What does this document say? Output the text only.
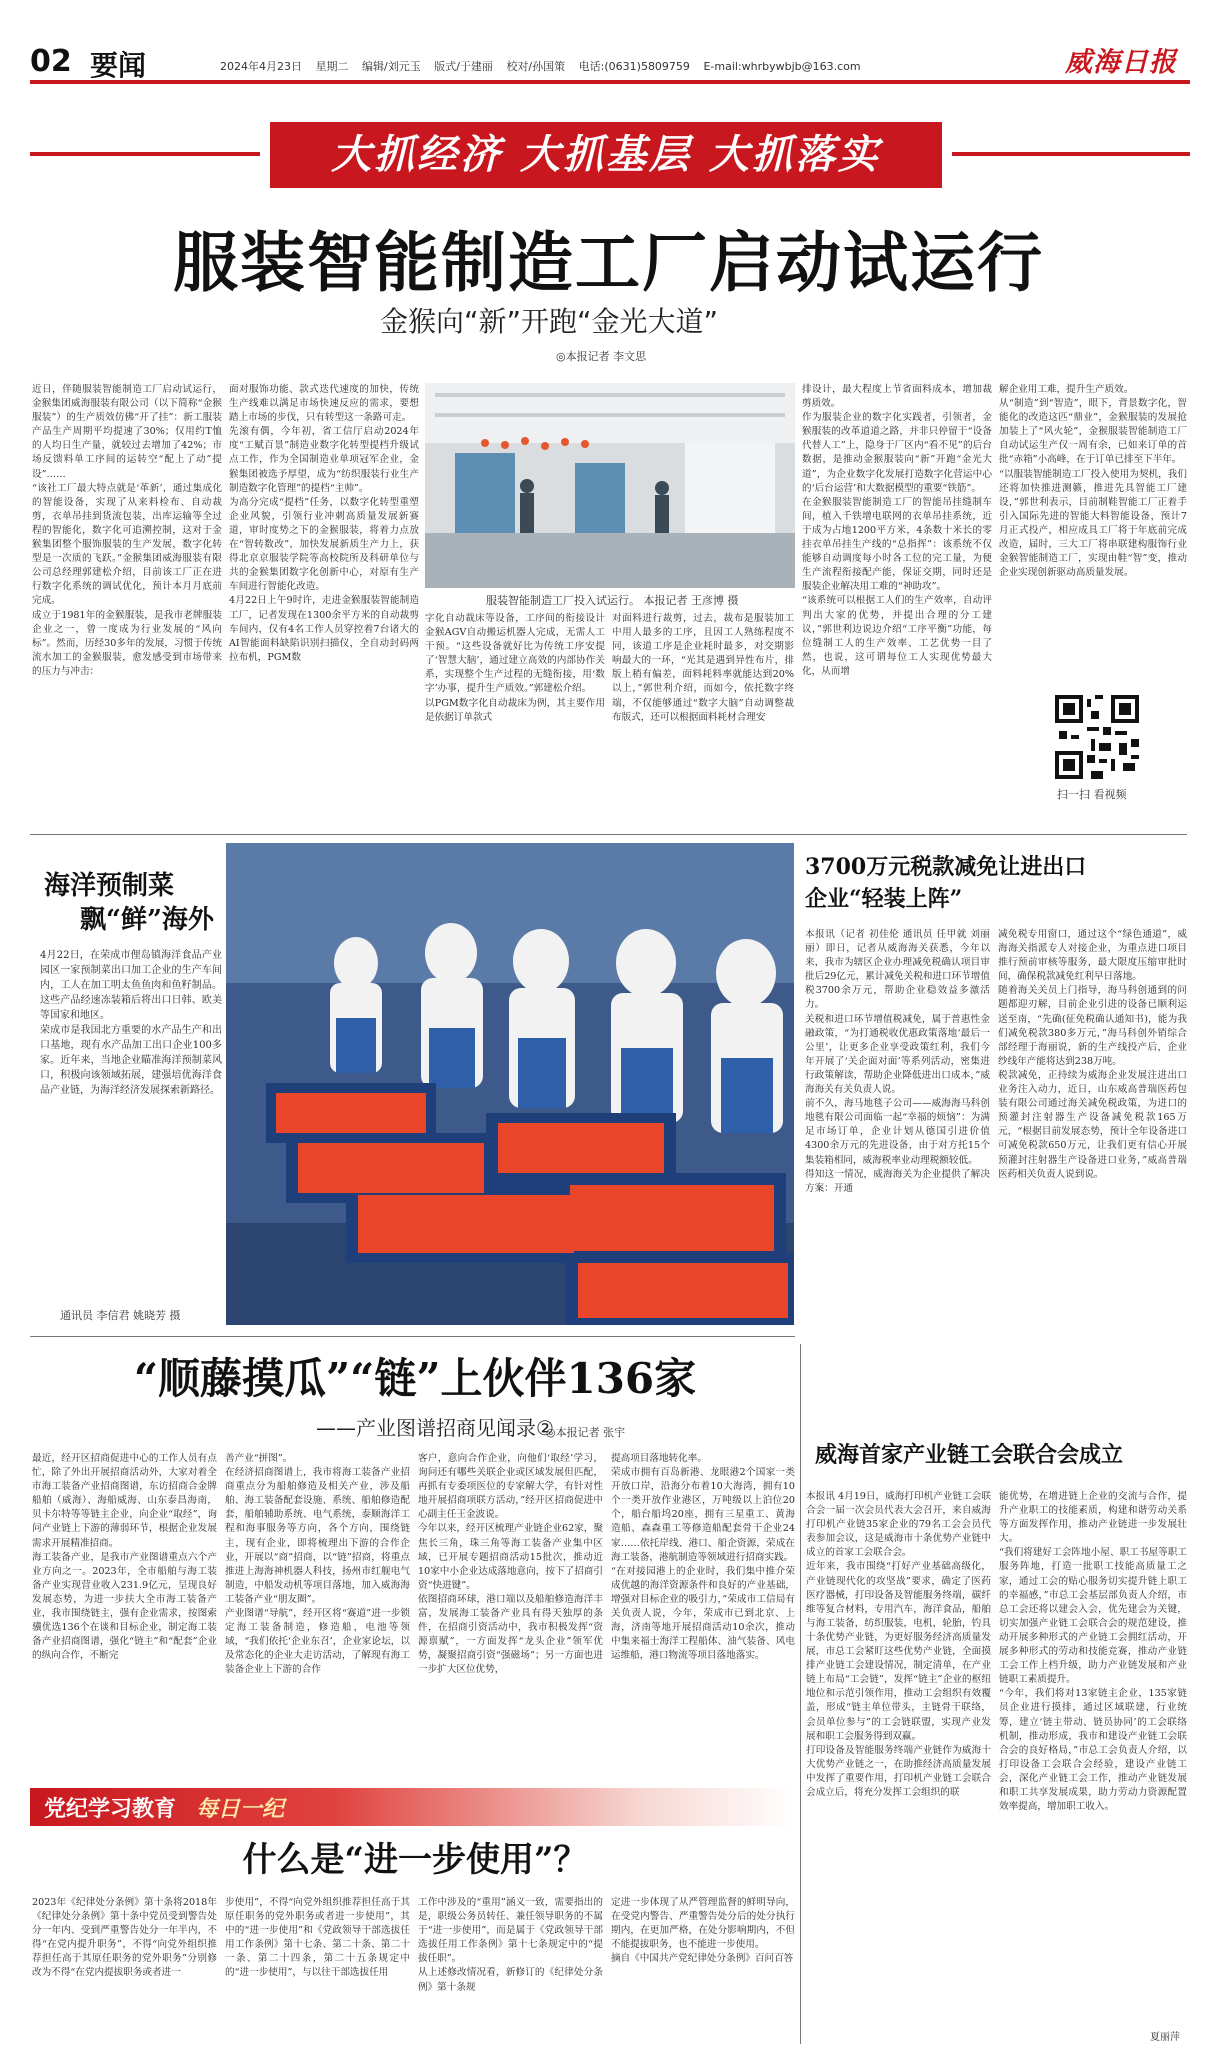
02 要闻	2024年4月23日 星期二 编辑/刘元玉 版式/于建丽 校对/孙国策 电话:(0631)5809759 E-mail:whrbywbjb@163.com	威海日报
大抓经济 大抓基层 大抓落实
服装智能制造工厂启动试运行
金猴向“新”开跑“金光大道”
◎本报记者 李文思
近日，伴随服装智能制造工厂启动试运行，金猴集团威海服装有限公司（以下简称“金猴服装”）的生产质效仿佛“开了挂”：新工服装产品生产周期平均提速了30%；仅用约T恤的人均日生产量，就较过去增加了42%；市场反馈料单工序间的运转空“配上了动”提设”……
“该社工厂最大特点就是‘革新’，通过集成化的智能设备，实现了从来料检布、自动裁剪，衣单吊挂到货流包装，出库运输等全过程的智能化，数字化可追溯控制，这对于金猴集团整个服饰服装的生产发展，数字化转型是一次质的飞跃。”金猴集团威海服装有限公司总经理郭建松介绍，目前该工厂正在进行数字化系统的调试优化，预计本月月底前完成。
成立于1981年的金猴服装，是我市老牌服装企业之一，曾一度成为行业发展的“风向标”。然而，历经30多年的发展，习惯于传统流水加工的金猴服装，愈发感受到市场带来的压力与冲击：
面对服饰功能、款式迭代速度的加快，传统生产线难以满足市场快速反应的需求，要想踏上市场的步伐，只有转型这一条路可走。
先滚有偶，今年初，省工信厅启动2024年度“工赋百景”制造业数字化转型提档升级试点工作，作为全国制造业单项冠军企业，金猴集团被选予厚望，成为“纺织服装行业生产制造数字化管理”的提档“主帅”。
为高分完成“提档”任务，以数字化转型重塑企业风貌，引领行业冲刺高质量发展新赛道，审时度势之下的金猴服装，将着力点放在“智转数改”，加快发展新质生产力上，获得北京京服装学院等高校院所及科研单位与共的金猴集团数字化创新中心，对原有生产车间进行智能化改造。
4月22日上午9时许，走进金猴服装智能制造工厂，记者发现在1300余平方米的自动裁剪车间内，仅有4名工作人员穿控着7台诸大的AI智能面料缺陷识别扫描仪，全自动封码两拉布机，PGM数
服装智能制造工厂投入试运行。 本报记者 王彦博 摄
字化自动裁床等设备，工序间的衔接设计金猴AGV自动搬运机器人完成，无需人工干预。“这些设备就好比为传统工序安提了‘智慧大脑’，通过建立高效的内部协作关系，实现整个生产过程的无缝衔接，用‘数字’办事，提升生产质效。”郭建松介绍。
以PGM数字化自动裁床为例，其主要作用是依据订单款式
对面料进行裁剪，过去，裁布是服装加工中用人最多的工序，且因工人熟练程度不同，该道工序是企业耗时最多，对交期影响最大的一环，“光其是遇到异性布片，排版上稍有偏差，面料耗料率就能达到20%以上，”郭世利介绍，而如今，依托数字终端，不仅能够通过“数字大脑”自动调整裁布版式，还可以根据面料耗材合理安
排设计，最大程度上节省面料成本，增加裁剪质效。
作为服装企业的数字化实践者，引领者，金猴服装的改革道道之路，并非只停留于“设备代替人工”上，隐身于厂区内“看不见”的后台数据，是推动金猴服装向“新”开跑“金光大道”，为企业数字化发展打造数字化营运中心的‘后台运营’和大数据模型的重要“铁筋”。
在金猴服装智能制造工厂的智能吊挂缝制车间，植入千铁增电联网的衣单吊挂系统，近于成为占地1200平方米，4条数十米长的零挂衣单吊挂生产线的“总指挥”：该系统不仅能够自动调度每小时各工位的完工量，为便生产流程衔接配产能，保证交期，同时还是服装企业解决用工难的“神助攻”。
“该系统可以根据工人们的生产效率，自动评判出大家的优势，并提出合理的分工建议，”郭世利边说边介绍“工序平衡”功能，每位缝制工人的生产效率、工艺优势一目了然，也说，这可谓每位工人实现优势最大化，从而增
解企业用工难，提升生产质效。
从“制造”到“智造”，眼下，背景数字化，智能化的改造这匹“鼎业”，金猴服装的发展抢加装上了“风火轮”，金猴服装智能制造工厂自动试运生产仅一周有余，已如来订单的首批“赤箱”小高峰，在于订单已排至下半年。
“以服装智能制造工厂投入使用为契机，我们还将加快推进测籁，推进先具智能工厂建设，”郭世利表示，目前制鞋智能工厂正着手引入国际先进的智能大料智能设备，预计7月正式投产，相应成具工厂将于年底前完成改造，届时，三大工厂将串联建构服饰行业金猴智能制造工厂，实现由鞋“智”变，推动企业实现创新驱动高质量发展。
扫一扫 看视频
海洋预制菜
飘“鲜”海外
4月22日，在荣成市俚岛镇海洋食品产业园区一家预制菜出口加工企业的生产车间内，工人在加工明太鱼鱼肉和鱼籽制品。这些产品经速冻装箱后将出口日韩、欧美等国家和地区。
荣成市是我国北方重要的水产品生产和出口基地，现有水产品加工出口企业100多家。近年来，当地企业瞄准海洋预制菜风口，积极向该领域拓展，建强培优海洋食品产业链，为海洋经济发展探索新路径。
通讯员 李信君 姚晓芳 摄
3700万元税款减免让进出口
企业“轻装上阵”
本报讯（记者 初佳伦 通讯员 任甲就 刘丽丽）即日，记者从威海海关获悉，今年以来，我市为辖区企业办理减免税确认项目审批后29亿元，累计减免关税和进口环节增值税3700余万元，帮助企业稳效益多激活力。
关税和进口环节增值税减免，属于普惠性金融政策，“为打通税收优惠政策落地‘最后一公里’，让更多企业享受政策红利，我们今年开展了‘关企面对面’等系列活动，密集进行政策解读，帮助企业降低进出口成本，”威海海关有关负责人说。
前不久，海马地毯子公司——威海海马科创地毯有限公司面临一起“幸福的烦恼”：为满足市场订单，企业计划从德国引进价值4300余万元的先进设备，由于对方托15个集装箱相同，威海税率业动理税额较低。
得知这一情况，威海海关为企业提供了解决方案：开通
减免税专用窗口，通过这个“绿色通道”，威海海关指派专人对接企业，为重点进口项目推行预前审核等服务，最大限度压缩审批时间，确保税款减免红利早日落地。
随着海关关员上门指导，海马科创通到的问题都迎刃解，目前企业引进的设备已顺利运送至南，“先确(征免税确认通知书)，能为我们减免税款380多万元，”海马科创外销综合部经理于海丽说，新的生产线投产后，企业纱线年产能将达到238万吨。
税款减免，正持续为威海企业发展注进出口业务注入动力，近日，山东威高普瑞医药包装有限公司通过海关减免税政策，为进口的预灌封注射器生产设备减免税款165万元，“根据目前发展态势，预计全年设备进口可减免税款650万元，让我们更有信心开展预灌封注射器生产设备进口业务，”威高普瑞医药相关负责人说到说。
“顺藤摸瓜”“链”上伙伴136家
——产业图谱招商见闻录②
◎本报记者 张宇
最近，经开区招商促进中心的工作人员有点忙，除了外出开展招商活动外，大家对着全市海工装备产业招商图谱，东访招商合金牌船舶（威海）、海船威海、山东泰昌海南，贝卡尔特等等链主企业，向企业“取经”，询问产业链上下游的薄弱环节，根据企业发展需求开展精准招商。
海工装备产业，是我市产业图谱重点六个产业方向之一。2023年，全市船舶与海工装备产业实现营业收入231.9亿元，呈现良好发展态势，为进一步扶大全市海工装备产业，我市围绕链主，强有企业需求，按图索骥优选136个在谈和目标企业，制定海工装备产业招商图谱，强化“链主”和“配套”企业的纵向合作，不断完
善产业“拼图”。
在经济招商图谱上，我市将海工装备产业招商重点分为船舶修造及相关产业，涉及船舶、海工装备配套设施、系统、船舶修造配套，船舶辅助系统、电气系统，泰顺海洋工程和海事服务等方向，各个方向，围绕链主，现有企业，即将梳理出下游的合作企业，开展以“商”招商，以“链”招商，将重点推进上海海神机器人科技，扬州市红舰电气制造，中船发动机等项目落地，加入威海海工装备产业“朋友圈”。
产业图谱“导航”，经开区将“赛道”进一步锁定海工装备制造，修造船，电池等领域，“我们依托‘企业东召’，企业家论坛，以及常态化的企业大走访活动，了解现有海工装备企业上下游的合作
客户，意向合作企业，向他们‘取经’学习，询问还有哪些关联企业或区域发展但匹配，再抓有专委项医位的专家解大学，有针对性地开展招商项联方活动，”经开区招商促进中心副主任王金波说。
今年以来，经开区梳理产业链企业62家，聚焦长三角，珠三角等海工装备产业集中区域，已开展专题招商活动15批次，推动近10家中小企业达成落地意向，按下了招商引资“快进键”。
依图招商环球，港口端以及船舶修造海洋丰富，发展海工装备产业具有得天独厚的条件，在招商引资活动中，我市积极发挥“资源禀赋”，一方面发挥“龙头企业”领军优势，凝聚招商引资“强磁场”；另一方面也进一步扩大区位优势，
提高项目落地转化率。
荣成市拥有百岛新港、龙眼港2个国家一类开放口岸，沿海分布着10大海湾，拥有10个一类开放作业港区，万吨级以上泊位20个，船台船坞20座，拥有三星重工、黄海造船、森森重工等修造船配套骨干企业24家……依托岸线、港口、船企资源，荣成在海工装备，港航制造等领域进行招商实践。
“在对接园港上的企业时，我们集中推介荣成优越的海洋资源条件和良好的产业基础，增强对目标企业的吸引力，”荣成市工信局有关负责人说，今年，荣成市已到北京、上海，济南等地开展招商活动10余次，推动中集来福士海洋工程船体、油气装备、风电运维船，港口物流等项目落地落实。
威海首家产业链工会联合会成立
本报讯 4月19日，威海打印机产业链工会联合会一届一次会员代表大会召开，来自威海打印机产业链35家企业的79名工会会员代表参加会议，这是威海市十条优势产业链中成立的首家工会联合会。
近年来，我市围绕“打好产业基础高级化，产业链现代化的攻坚战”要求，确定了医药医疗器械，打印设备及智能服务终端，碳纤维等复合材料，专用汽车，海洋食品，船舶与海工装备，纺织服装，电机，轮胎，钓具十条优势产业链，为更好服务经济高质量发展，市总工会紧盯这些优势产业链，全面摸排产业链工会建设情况，制定清单，在产业链上布局“工会链”，发挥“链主”企业的枢纽地位和示范引领作用，推动工会组织有效覆盖，形成“链主单位带头，主链骨干联络，会员单位参与”的工会链联盟，实现产业发展和职工会服务得到双赢。
打印设备及智能服务终端产业链作为威海十大优势产业链之一，在助推经济高质量发展中发挥了重要作用，打印机产业链工会联合会成立后，将充分发挥工会组织的联
能优势，在增进链上企业的交流与合作，提升产业职工的技能素质，构建和谐劳动关系等方面发挥作用，推动产业链进一步发展壮大。
“我们将建好工会阵地小屋、职工书屋等职工服务阵地，打造一批职工技能高质量工之家，通过工会的贴心服务切实提升链上职工的幸福感，”市总工会基层部负责人介绍，市总工会还将以建会入会，优先建会为关键，切实加强产业链工会联合会的规范建设，推动开展多种形式的产业链工会拥红活动，开展多种形式的劳动和技能竞赛，推动产业链工会工作上档升级，助力产业链发展和产业链职工素质提升。
“今年，我们将对13家链主企业，135家链员企业进行摸排，通过区域联建，行业统筹，建立‘链主带动、链员协同’的工会联络机制，推动形成，我市和建设产业链工会联合会的良好格局，”市总工会负责人介绍，以打印设备工会联合会经验，建设产业链工会，深化产业链工会工作，推动产业链发展和职工共享发展成果，助力劳动力资源配置效率提高，增加职工收入。
夏丽萍
党纪学习教育 每日一纪
什么是“进一步使用”？
2023年《纪律处分条例》第十条将2018年《纪律处分条例》第十条中党员受到警告处分一年内、受到严重警告处分一年半内，不得“在党内提升职务”，不得“向党外组织推荐担任高于其原任职务的党外职务”分别修改为不得“在党内提拔职务或者进一
步使用”，不得“向党外组织推荐担任高于其原任职务的党外职务或者进一步使用”，其中的“进一步使用”和《党政领导干部选拔任用工作条例》第十七条、第二十条、第二十一条、第二十四条，第二十五条规定中的“进一步使用”，与以往干部选拔任用
工作中涉及的“重用”涵义一致，需要指出的是，职级公务员转任、兼任领导职务的不属于“进一步使用”，而是属于《党政领导干部选拔任用工作条例》第十七条规定中的“提拔任职”。
从上述修改情况看，新修订的《纪律处分条例》第十条规
定进一步体现了从严管理监督的鲜明导向，在受党内警告、严重警告处分后的处分执行期内，在更加严格，在处分影响期内，不但不能提拔职务，也不能进一步使用。
摘自《中国共产党纪律处分条例》百问百答
